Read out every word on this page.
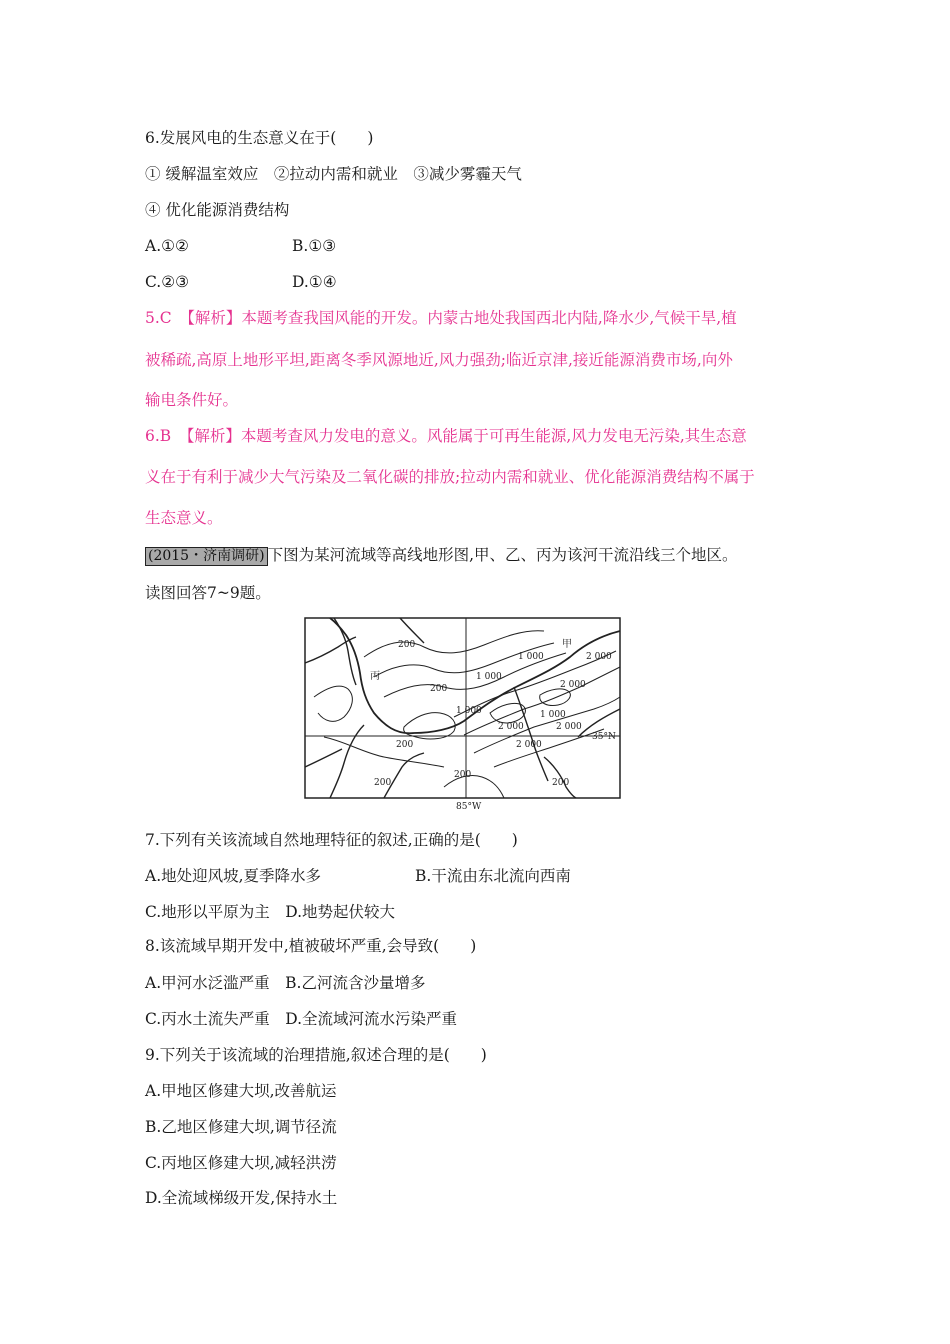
6.发展风电的生态意义在于(　　)
① 缓解温室效应　②拉动内需和就业　③减少雾霾天气
④ 优化能源消费结构
A.①②	B.①③
C.②③	D.①④
5.C　【解析】本题考查我国风能的开发。内蒙古地处我国西北内陆,降水少,气候干旱,植
被稀疏,高原上地形平坦,距离冬季风源地近,风力强劲;临近京津,接近能源消费市场,向外
输电条件好。
6.B　【解析】本题考查风力发电的意义。风能属于可再生能源,风力发电无污染,其生态意
义在于有利于减少大气污染及二氧化碳的排放;拉动内需和就业、优化能源消费结构不属于
生态意义。
(2015・济南调研) 下图为某河流域等高线地形图,甲、乙、丙为该河干流沿线三个地区。
读图回答7~9题。
甲
丙
35°N
85°W
200
200
200
200
200
200
1 000
1 000
1 000	1 000
2 000
2 000
2 000
2 000
2 000
7.下列有关该流域自然地理特征的叙述,正确的是(　　)
A.地处迎风坡,夏季降水多	B.干流由东北流向西南
C.地形以平原为主　D.地势起伏较大
8.该流域早期开发中,植被破坏严重,会导致(　　)
A.甲河水泛滥严重　B.乙河流含沙量增多
C.丙水土流失严重　D.全流域河流水污染严重
9.下列关于该流域的治理措施,叙述合理的是(　　)
A.甲地区修建大坝,改善航运
B.乙地区修建大坝,调节径流
C.丙地区修建大坝,减轻洪涝
D.全流域梯级开发,保持水土
